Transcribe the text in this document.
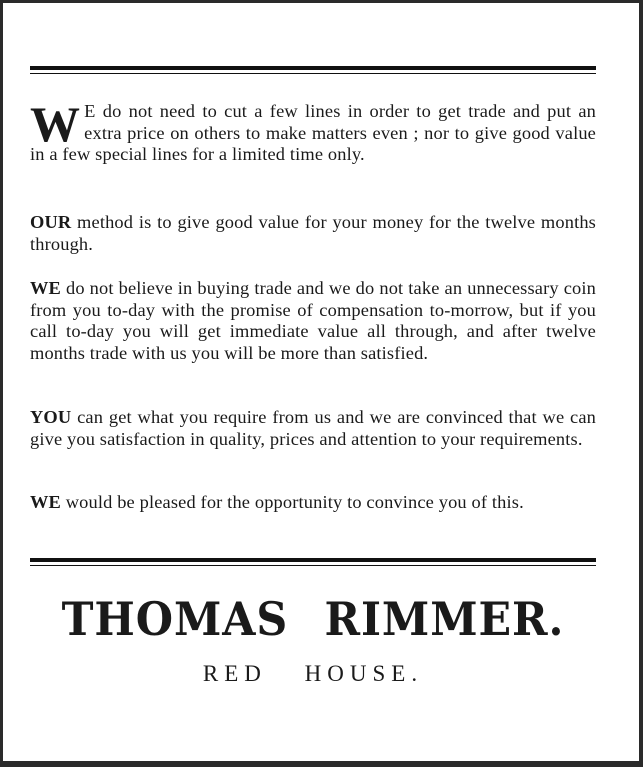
W E do not need to cut a few lines in order to get trade and put an extra price on others to make matters even ; nor to give good value in a few special lines for a limited time only.

OUR method is to give good value for your money for the twelve months through.

WE do not believe in buying trade and we do not take an unnecessary coin from you to-day with the promise of compensation to-morrow, but if you call to-day you will get immediate value all through, and after twelve months trade with us you will be more than satisfied.

YOU can get what you require from us and we are convinced that we can give you satisfaction in quality, prices and attention to your requirements.

WE would be pleased for the opportunity to convince you of this.

THOMAS RIMMER.
RED HOUSE.
